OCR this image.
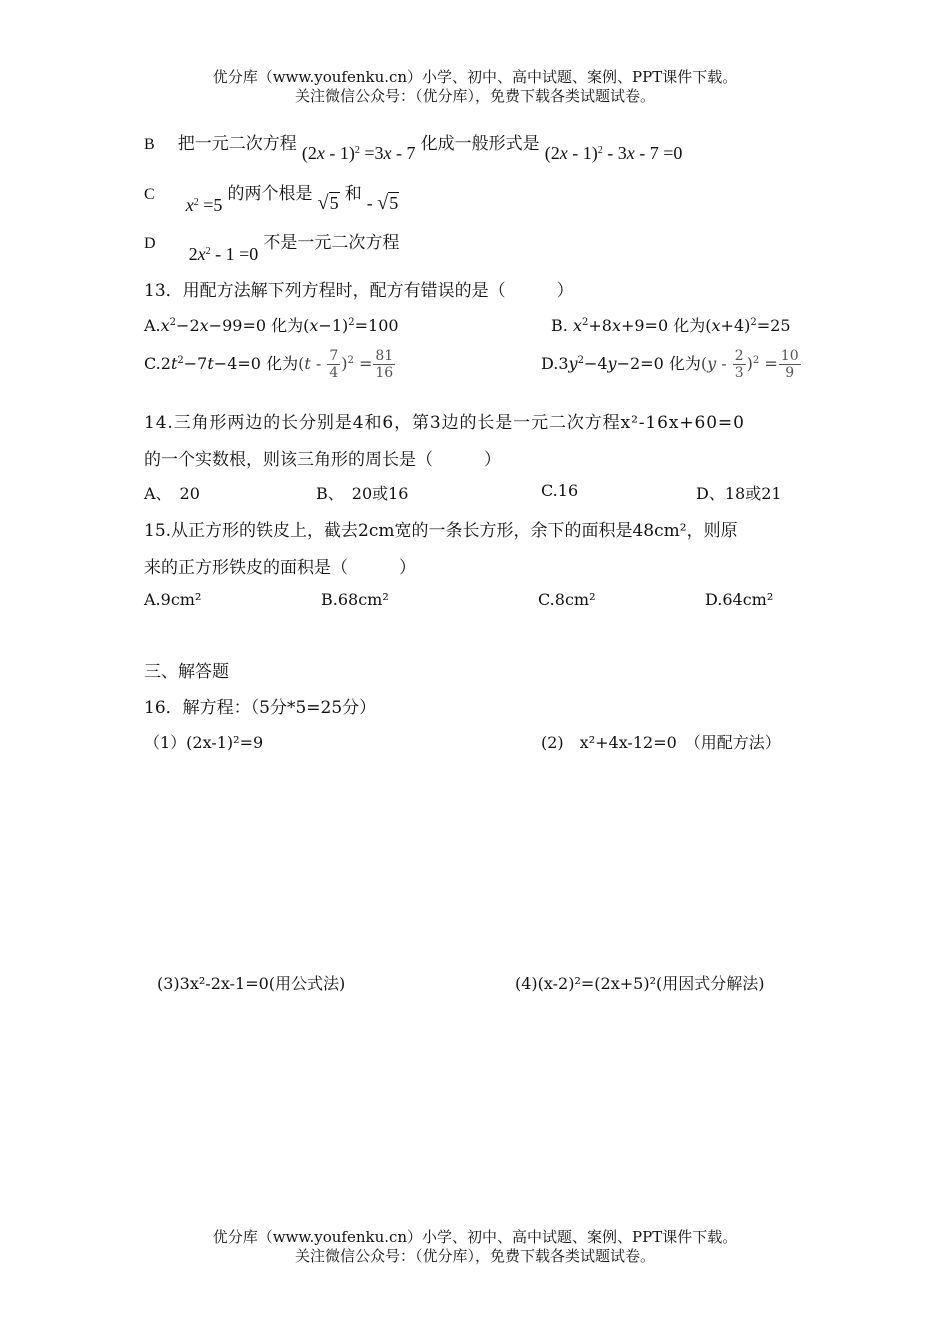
优分库（www.youfenku.cn）小学、初中、高中试题、案例、PPT课件下载。
关注微信公众号：（优分库），免费下载各类试题试卷。
B 把一元二次方程 (2x - 1)$^2$ =3x - 7 化成一般形式是 (2x - 1)$^2$ - 3x - 7 =0
C $x^2 =5$ 的两个根是 √5 和 - √5
D $2x^2 - 1 =0$ 不是一元二次方程
13．用配方法解下列方程时，配方有错误的是（　　　）
$A.x^2-2x-99=0$ 化为$(x-1)^2=100$	B. $x^2+8x+9=0$ 化为$(x+4)^2=25$
$C.2t^2-7t-4=0$ 化为$(t - \frac{7}{4} )^2 = \frac{81}{16}$	$D.3y^2-4y-2=0$ 化为$(y - \frac{2}{3} )^2 = \frac{10}{9}$
14.三角形两边的长分别是4和6，第3边的长是一元二次方程x²-16x+60=0
的一个实数根，则该三角形的周长是（　　　）
A、　20	B、　20或16	C.16	D、18或21
15.从正方形的铁皮上，截去2cm宽的一条长方形，余下的面积是48cm²，则原
来的正方形铁皮的面积是（　　　）
A.9cm²	B.68cm²	C.8cm²	D.64cm²
三、解答题
16．解方程：（5分*5=25分）
（1）(2x-1)²=9	(2)　x²+4x-12=0　（用配方法）
(3)3x²-2x-1=0(用公式法)	(4)(x-2)²=(2x+5)²(用因式分解法)
优分库（www.youfenku.cn）小学、初中、高中试题、案例、PPT课件下载。
关注微信公众号：（优分库），免费下载各类试题试卷。
